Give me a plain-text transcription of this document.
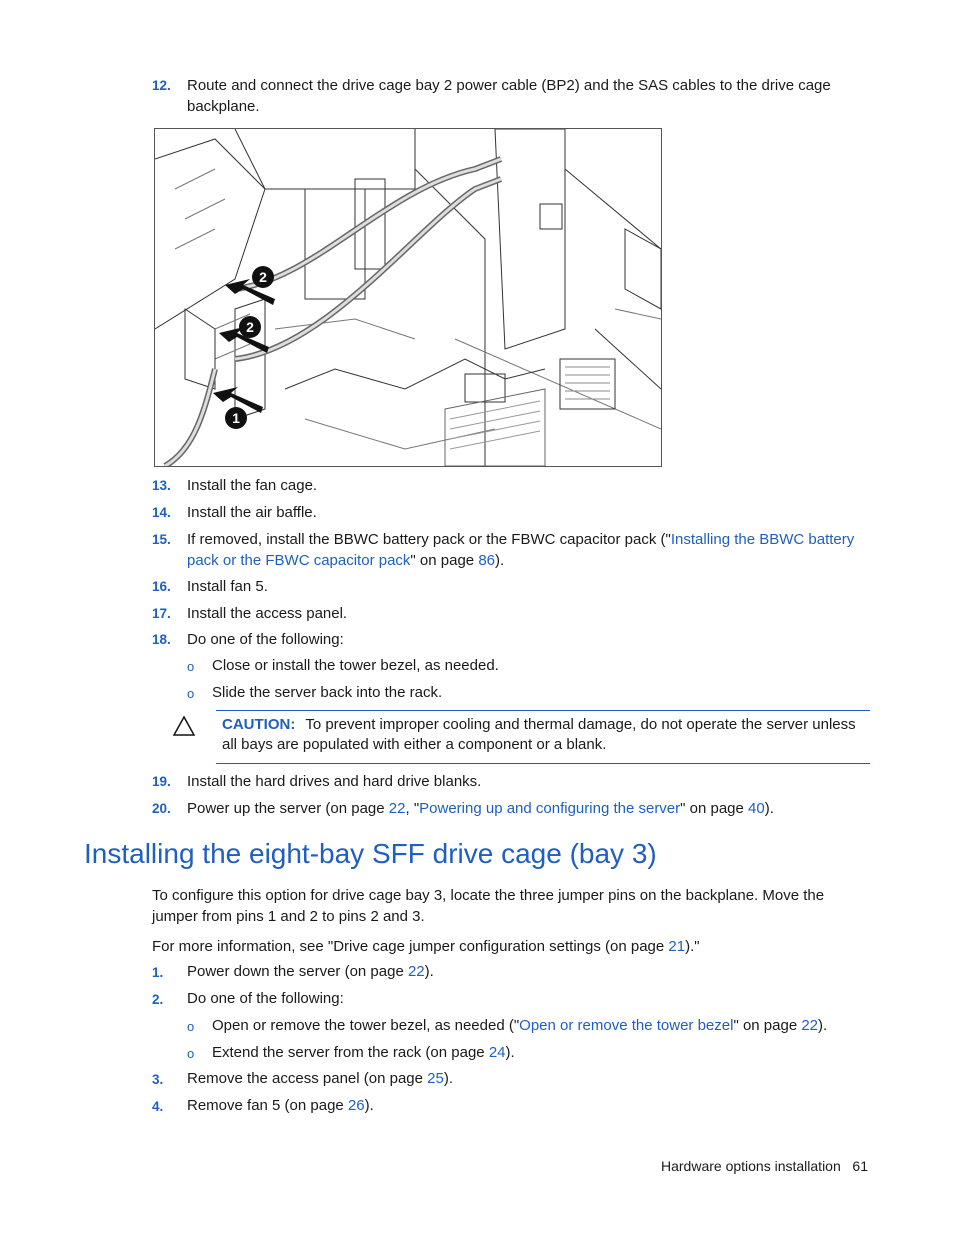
12. Route and connect the drive cage bay 2 power cable (BP2) and the SAS cables to the drive cage backplane.
2
2
1
13. Install the fan cage.
14. Install the air baffle.
15. If removed, install the BBWC battery pack or the FBWC capacitor pack ("Installing the BBWC battery pack or the FBWC capacitor pack" on page 86).
16. Install fan 5.
17. Install the access panel.
18. Do one of the following:
o Close or install the tower bezel, as needed.
o Slide the server back into the rack.
CAUTION: To prevent improper cooling and thermal damage, do not operate the server unless all bays are populated with either a component or a blank.
19. Install the hard drives and hard drive blanks.
20. Power up the server (on page 22, "Powering up and configuring the server" on page 40).
Installing the eight-bay SFF drive cage (bay 3)
To configure this option for drive cage bay 3, locate the three jumper pins on the backplane. Move the jumper from pins 1 and 2 to pins 2 and 3.
For more information, see "Drive cage jumper configuration settings (on page 21)."
1. Power down the server (on page 22).
2. Do one of the following:
o Open or remove the tower bezel, as needed ("Open or remove the tower bezel" on page 22).
o Extend the server from the rack (on page 24).
3. Remove the access panel (on page 25).
4. Remove fan 5 (on page 26).
Hardware options installation 61
